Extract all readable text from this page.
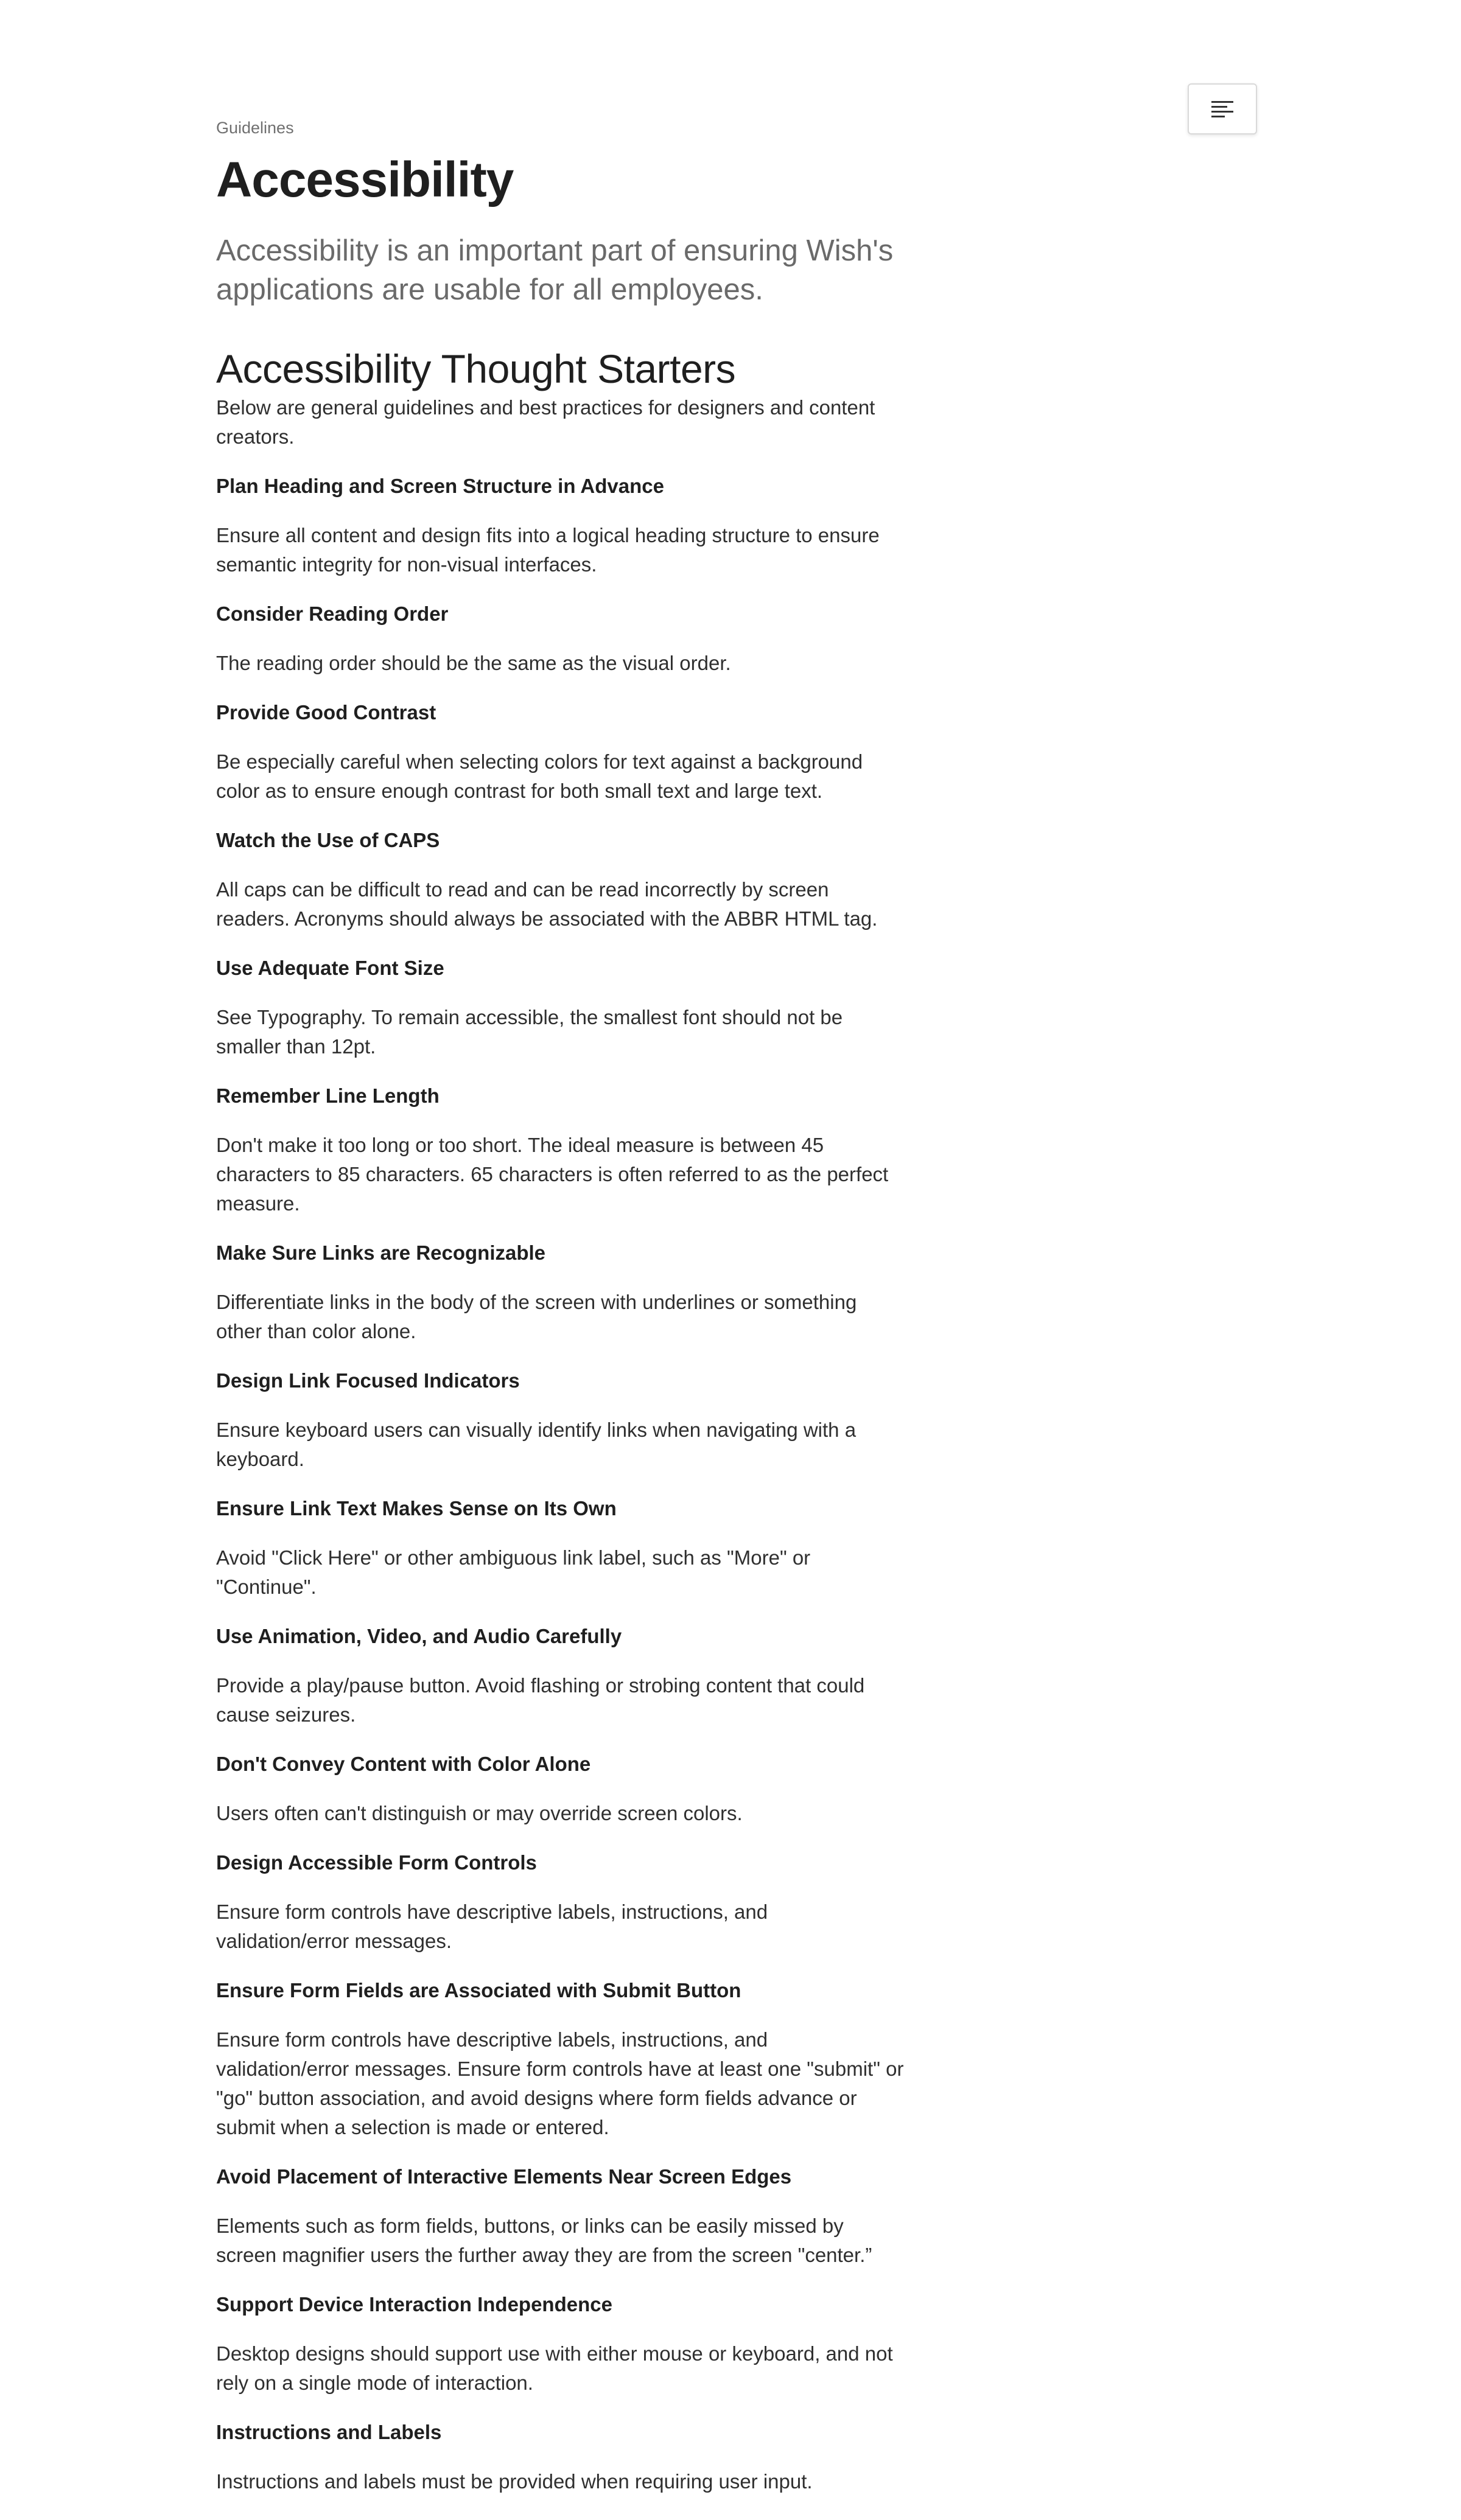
Guidelines

Accessibility

Accessibility is an important part of ensuring Wish's applications are usable for all employees.

Accessibility Thought Starters

Below are general guidelines and best practices for designers and content creators.

Plan Heading and Screen Structure in Advance

Ensure all content and design fits into a logical heading structure to ensure semantic integrity for non-visual interfaces.

Consider Reading Order

The reading order should be the same as the visual order.

Provide Good Contrast

Be especially careful when selecting colors for text against a background color as to ensure enough contrast for both small text and large text.

Watch the Use of CAPS

All caps can be difficult to read and can be read incorrectly by screen readers. Acronyms should always be associated with the ABBR HTML tag.

Use Adequate Font Size

See Typography. To remain accessible, the smallest font should not be smaller than 12pt.

Remember Line Length

Don't make it too long or too short. The ideal measure is between 45 characters to 85 characters. 65 characters is often referred to as the perfect measure.

Make Sure Links are Recognizable

Differentiate links in the body of the screen with underlines or something other than color alone.

Design Link Focused Indicators

Ensure keyboard users can visually identify links when navigating with a keyboard.

Ensure Link Text Makes Sense on Its Own

Avoid "Click Here" or other ambiguous link label, such as "More" or "Continue".

Use Animation, Video, and Audio Carefully

Provide a play/pause button. Avoid flashing or strobing content that could cause seizures.

Don't Convey Content with Color Alone

Users often can't distinguish or may override screen colors.

Design Accessible Form Controls

Ensure form controls have descriptive labels, instructions, and validation/error messages.

Ensure Form Fields are Associated with Submit Button

Ensure form controls have descriptive labels, instructions, and validation/error messages. Ensure form controls have at least one "submit" or "go" button association, and avoid designs where form fields advance or submit when a selection is made or entered.

Avoid Placement of Interactive Elements Near Screen Edges

Elements such as form fields, buttons, or links can be easily missed by screen magnifier users the further away they are from the screen "center.”

Support Device Interaction Independence

Desktop designs should support use with either mouse or keyboard, and not rely on a single mode of interaction.

Instructions and Labels

Instructions and labels must be provided when requiring user input.
